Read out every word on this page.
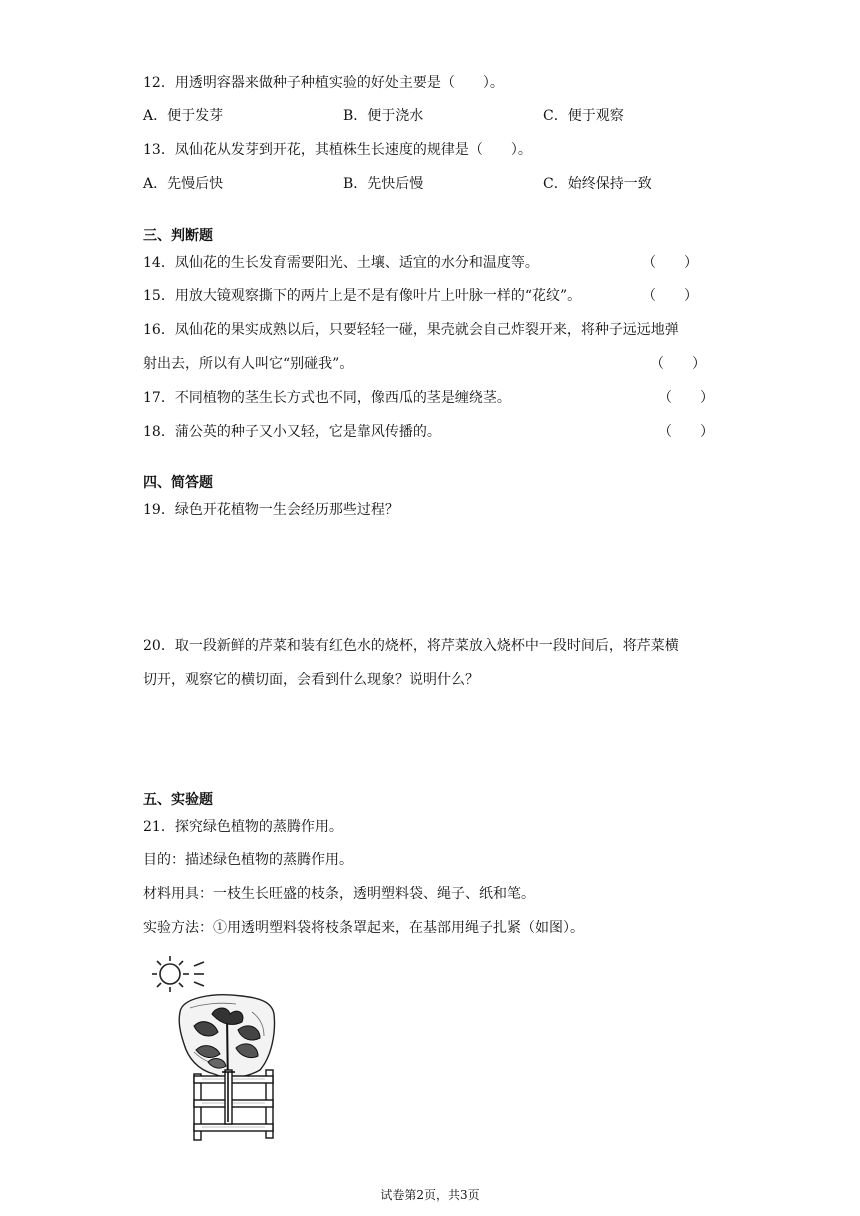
12．用透明容器来做种子种植实验的好处主要是（　　）。
A．便于发芽	B．便于浇水	C．便于观察
13．凤仙花从发芽到开花，其植株生长速度的规律是（　　）。
A．先慢后快	B．先快后慢	C．始终保持一致
三、判断题
14．凤仙花的生长发育需要阳光、土壤、适宜的水分和温度等。	（　　）
15．用放大镜观察撕下的两片上是不是有像叶片上叶脉一样的“花纹”。	（　　）
16．凤仙花的果实成熟以后，只要轻轻一碰，果壳就会自己炸裂开来，将种子远远地弹
射出去，所以有人叫它“别碰我”。	（　　）
17．不同植物的茎生长方式也不同，像西瓜的茎是缠绕茎。	（　　）
18．蒲公英的种子又小又轻，它是靠风传播的。	（　　）
四、简答题
19．绿色开花植物一生会经历那些过程？
20．取一段新鲜的芹菜和装有红色水的烧杯，将芹菜放入烧杯中一段时间后，将芹菜横
切开，观察它的横切面，会看到什么现象？说明什么？
五、实验题
21．探究绿色植物的蒸腾作用。
目的：描述绿色植物的蒸腾作用。
材料用具：一枝生长旺盛的枝条，透明塑料袋、绳子、纸和笔。
实验方法：①用透明塑料袋将枝条罩起来，在基部用绳子扎紧（如图）。
试卷第2页，共3页
